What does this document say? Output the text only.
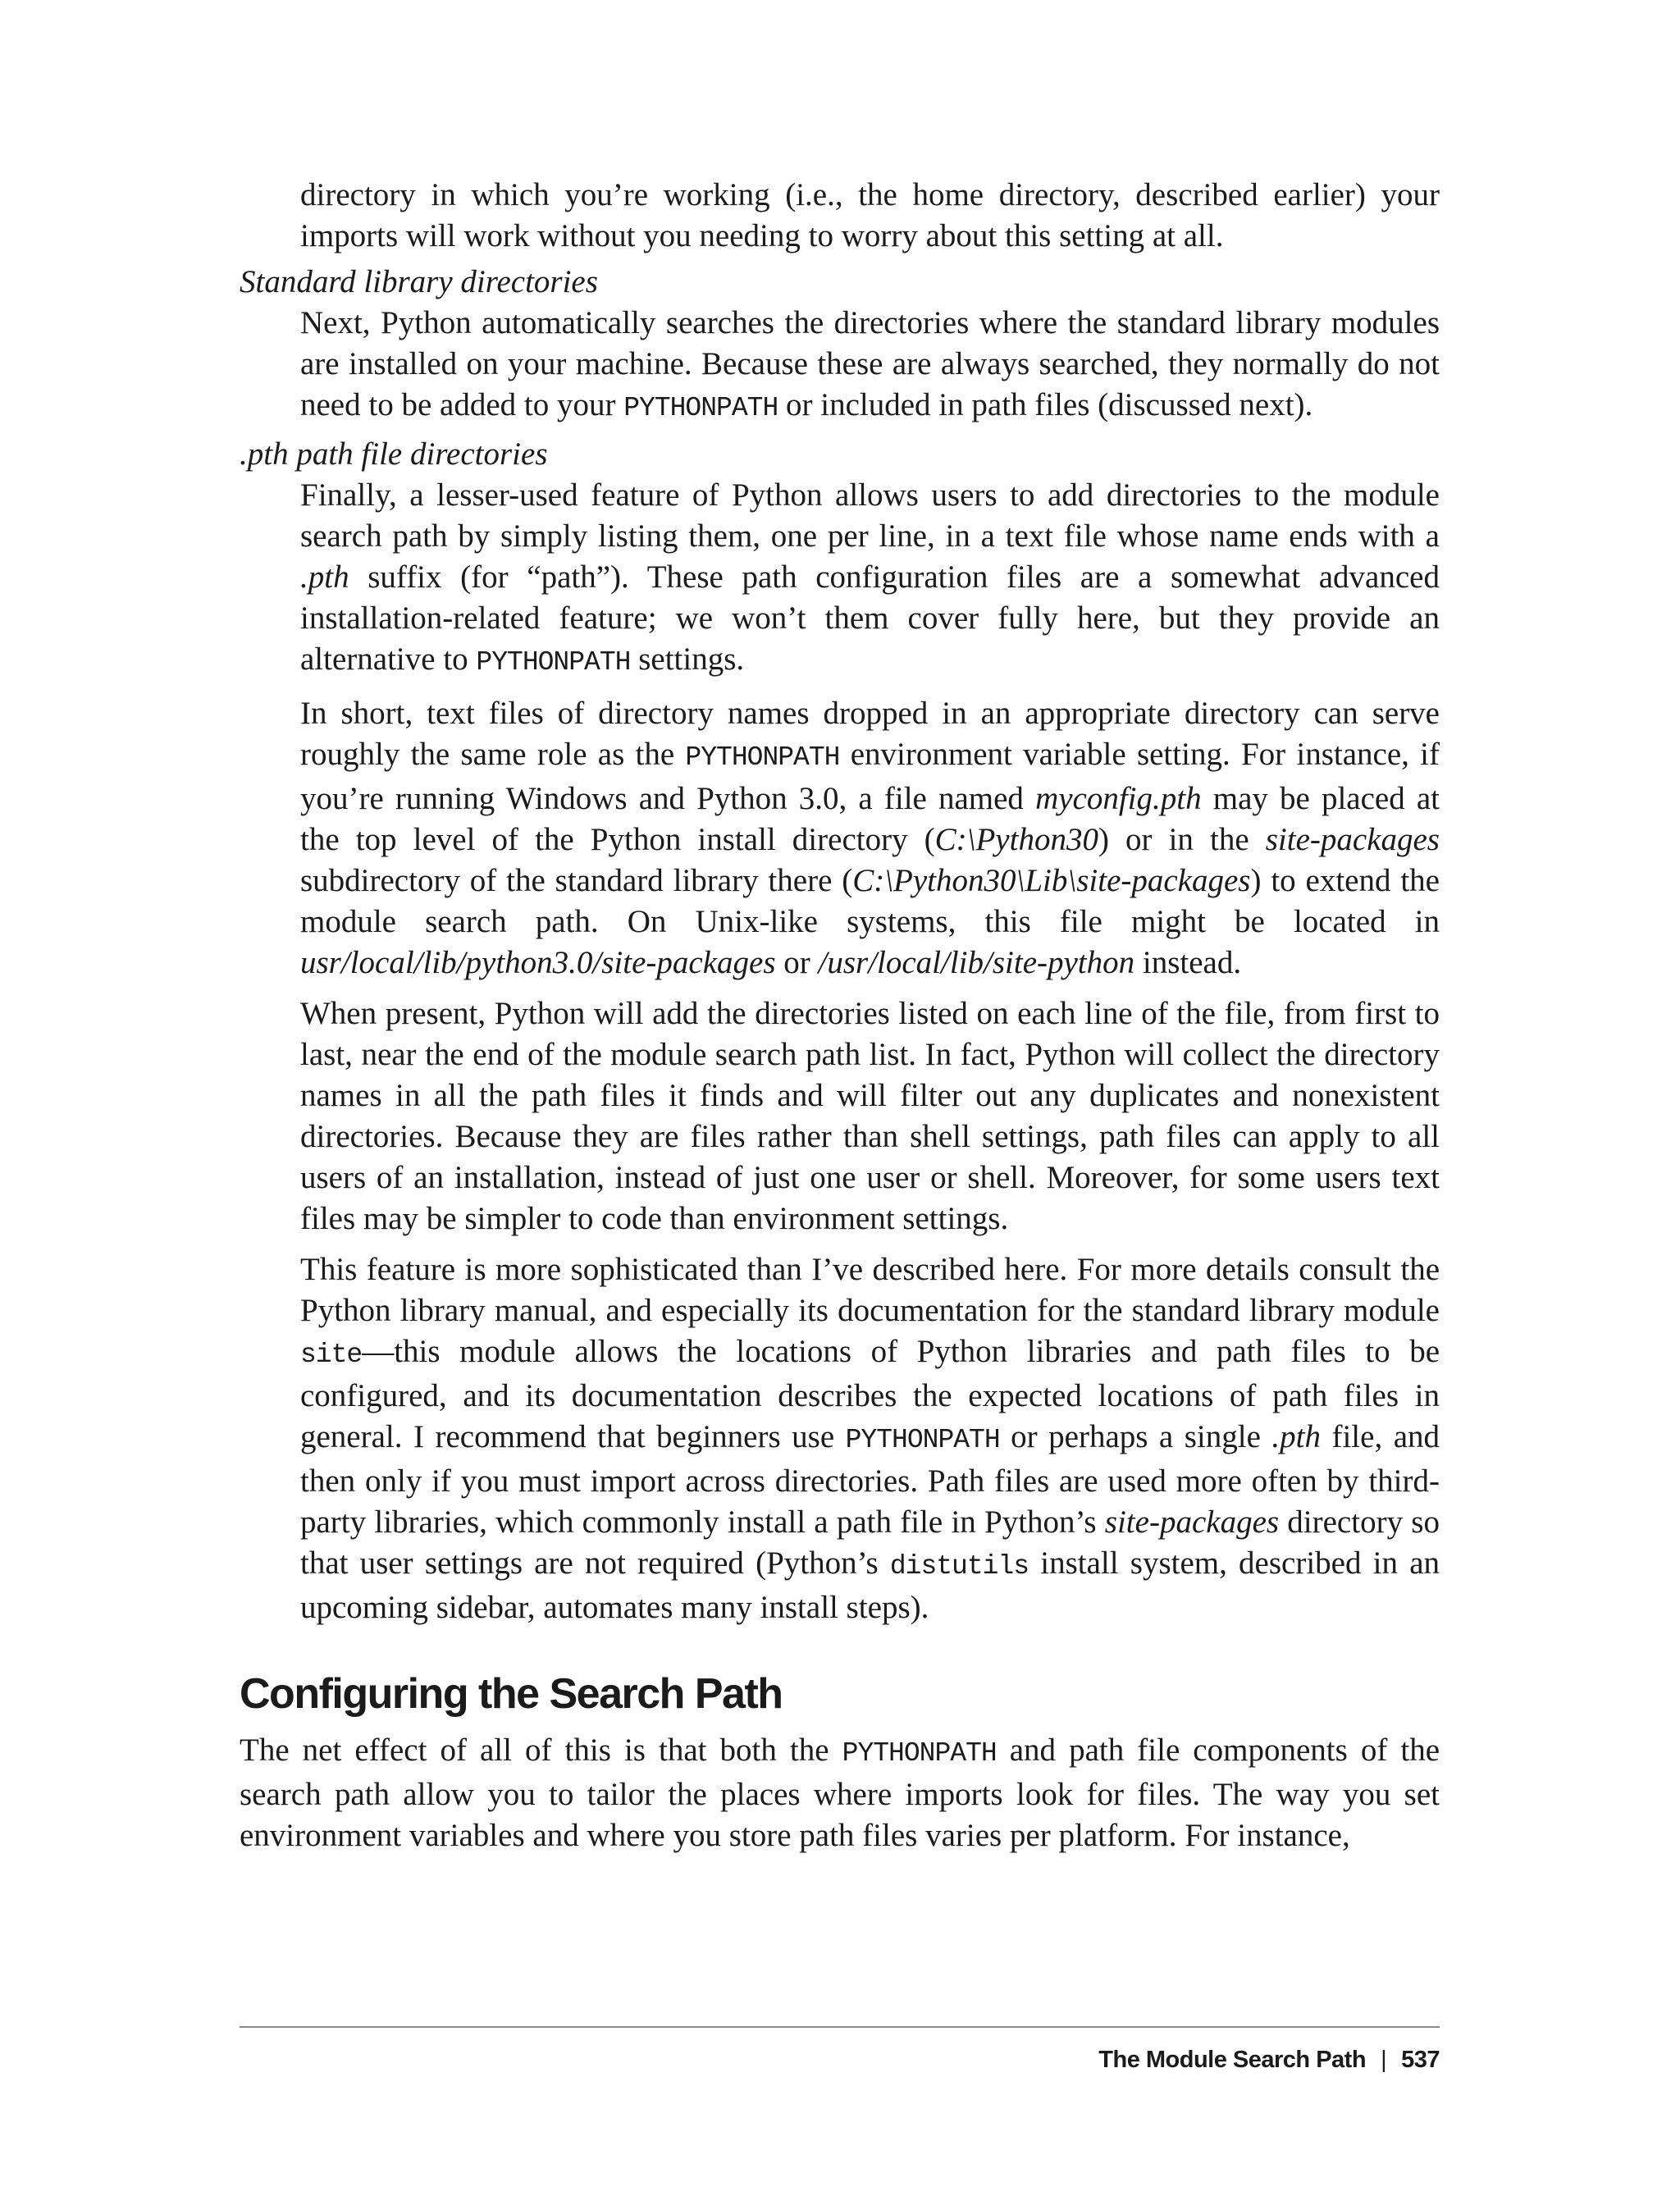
directory in which you’re working (i.e., the home directory, described earlier) your imports will work without you needing to worry about this setting at all.

Standard library directories

Next, Python automatically searches the directories where the standard library modules are installed on your machine. Because these are always searched, they normally do not need to be added to your PYTHONPATH or included in path files (discussed next).

.pth path file directories

Finally, a lesser-used feature of Python allows users to add directories to the module search path by simply listing them, one per line, in a text file whose name ends with a .pth suffix (for “path”). These path configuration files are a somewhat advanced installation-related feature; we won’t them cover fully here, but they provide an alternative to PYTHONPATH settings.

In short, text files of directory names dropped in an appropriate directory can serve roughly the same role as the PYTHONPATH environment variable setting. For instance, if you’re running Windows and Python 3.0, a file named myconfig.pth may be placed at the top level of the Python install directory (C:\Python30) or in the site-packages subdirectory of the standard library there (C:\Python30\Lib\site-packages) to extend the module search path. On Unix-like systems, this file might be located in usr/local/lib/python3.0/site-packages or /usr/local/lib/site-python instead.

When present, Python will add the directories listed on each line of the file, from first to last, near the end of the module search path list. In fact, Python will collect the directory names in all the path files it finds and will filter out any duplicates and nonexistent directories. Because they are files rather than shell settings, path files can apply to all users of an installation, instead of just one user or shell. Moreover, for some users text files may be simpler to code than environment settings.

This feature is more sophisticated than I’ve described here. For more details consult the Python library manual, and especially its documentation for the standard library module site—this module allows the locations of Python libraries and path files to be configured, and its documentation describes the expected locations of path files in general. I recommend that beginners use PYTHONPATH or perhaps a single .pth file, and then only if you must import across directories. Path files are used more often by third-party libraries, which commonly install a path file in Python’s site-packages directory so that user settings are not required (Python’s distutils install system, described in an upcoming sidebar, automates many install steps).

Configuring the Search Path

The net effect of all of this is that both the PYTHONPATH and path file components of the search path allow you to tailor the places where imports look for files. The way you set environment variables and where you store path files varies per platform. For instance,

The Module Search Path | 537
